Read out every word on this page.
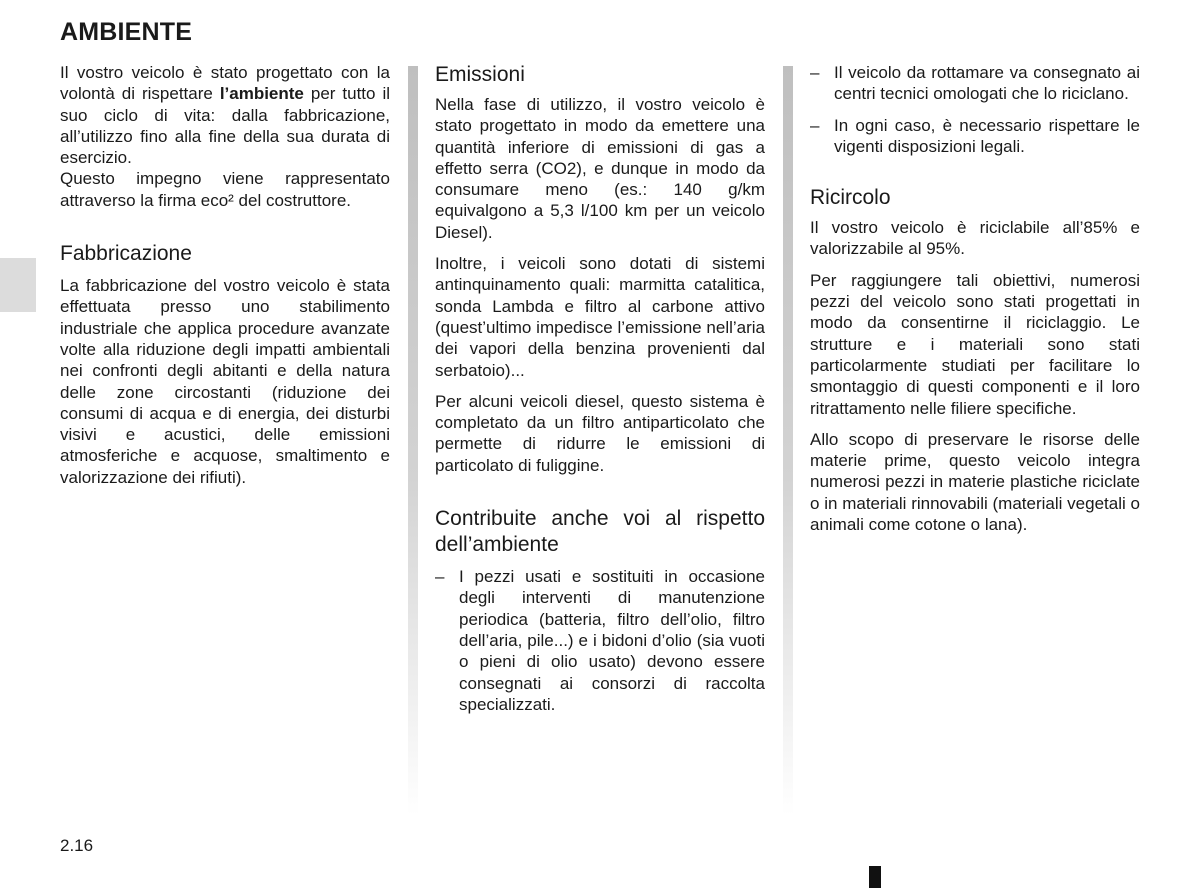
AMBIENTE

Il vostro veicolo è stato progettato con la volontà di rispettare l’ambiente per tutto il suo ciclo di vita: dalla fabbricazione, all’utilizzo fino alla fine della sua durata di esercizio.

Questo impegno viene rappresentato attraverso la firma eco² del costruttore.

Fabbricazione

La fabbricazione del vostro veicolo è stata effettuata presso uno stabilimento industriale che applica procedure avanzate volte alla riduzione degli impatti ambientali nei confronti degli abitanti e della natura delle zone circostanti (riduzione dei consumi di acqua e di energia, dei disturbi visivi e acustici, delle emissioni atmosferiche e acquose, smaltimento e valorizzazione dei rifiuti).

Emissioni

Nella fase di utilizzo, il vostro veicolo è stato progettato in modo da emettere una quantità inferiore di emissioni di gas a effetto serra (CO2), e dunque in modo da consumare meno (es.: 140 g/km equivalgono a 5,3 l/100 km per un veicolo Diesel).

Inoltre, i veicoli sono dotati di sistemi antinquinamento quali: marmitta catalitica, sonda Lambda e filtro al carbone attivo (quest’ultimo impedisce l’emissione nell’aria dei vapori della benzina provenienti dal serbatoio)...

Per alcuni veicoli diesel, questo sistema è completato da un filtro antiparticolato che permette di ridurre le emissioni di particolato di fuliggine.

Contribuite anche voi al rispetto dell’ambiente
– I pezzi usati e sostituiti in occasione degli interventi di manutenzione periodica (batteria, filtro dell’olio, filtro dell’aria, pile...) e i bidoni d’olio (sia vuoti o pieni di olio usato) devono essere consegnati ai consorzi di raccolta specializzati.
– Il veicolo da rottamare va consegnato ai centri tecnici omologati che lo riciclano.
– In ogni caso, è necessario rispettare le vigenti disposizioni legali.
Ricircolo

Il vostro veicolo è riciclabile all’85% e valorizzabile al 95%.

Per raggiungere tali obiettivi, numerosi pezzi del veicolo sono stati progettati in modo da consentirne il riciclaggio. Le strutture e i materiali sono stati particolarmente studiati per facilitare lo smontaggio di questi componenti e il loro ritrattamento nelle filiere specifiche.

Allo scopo di preservare le risorse delle materie prime, questo veicolo integra numerosi pezzi in materie plastiche riciclate o in materiali rinnovabili (materiali vegetali o animali come cotone o lana).

2.16
